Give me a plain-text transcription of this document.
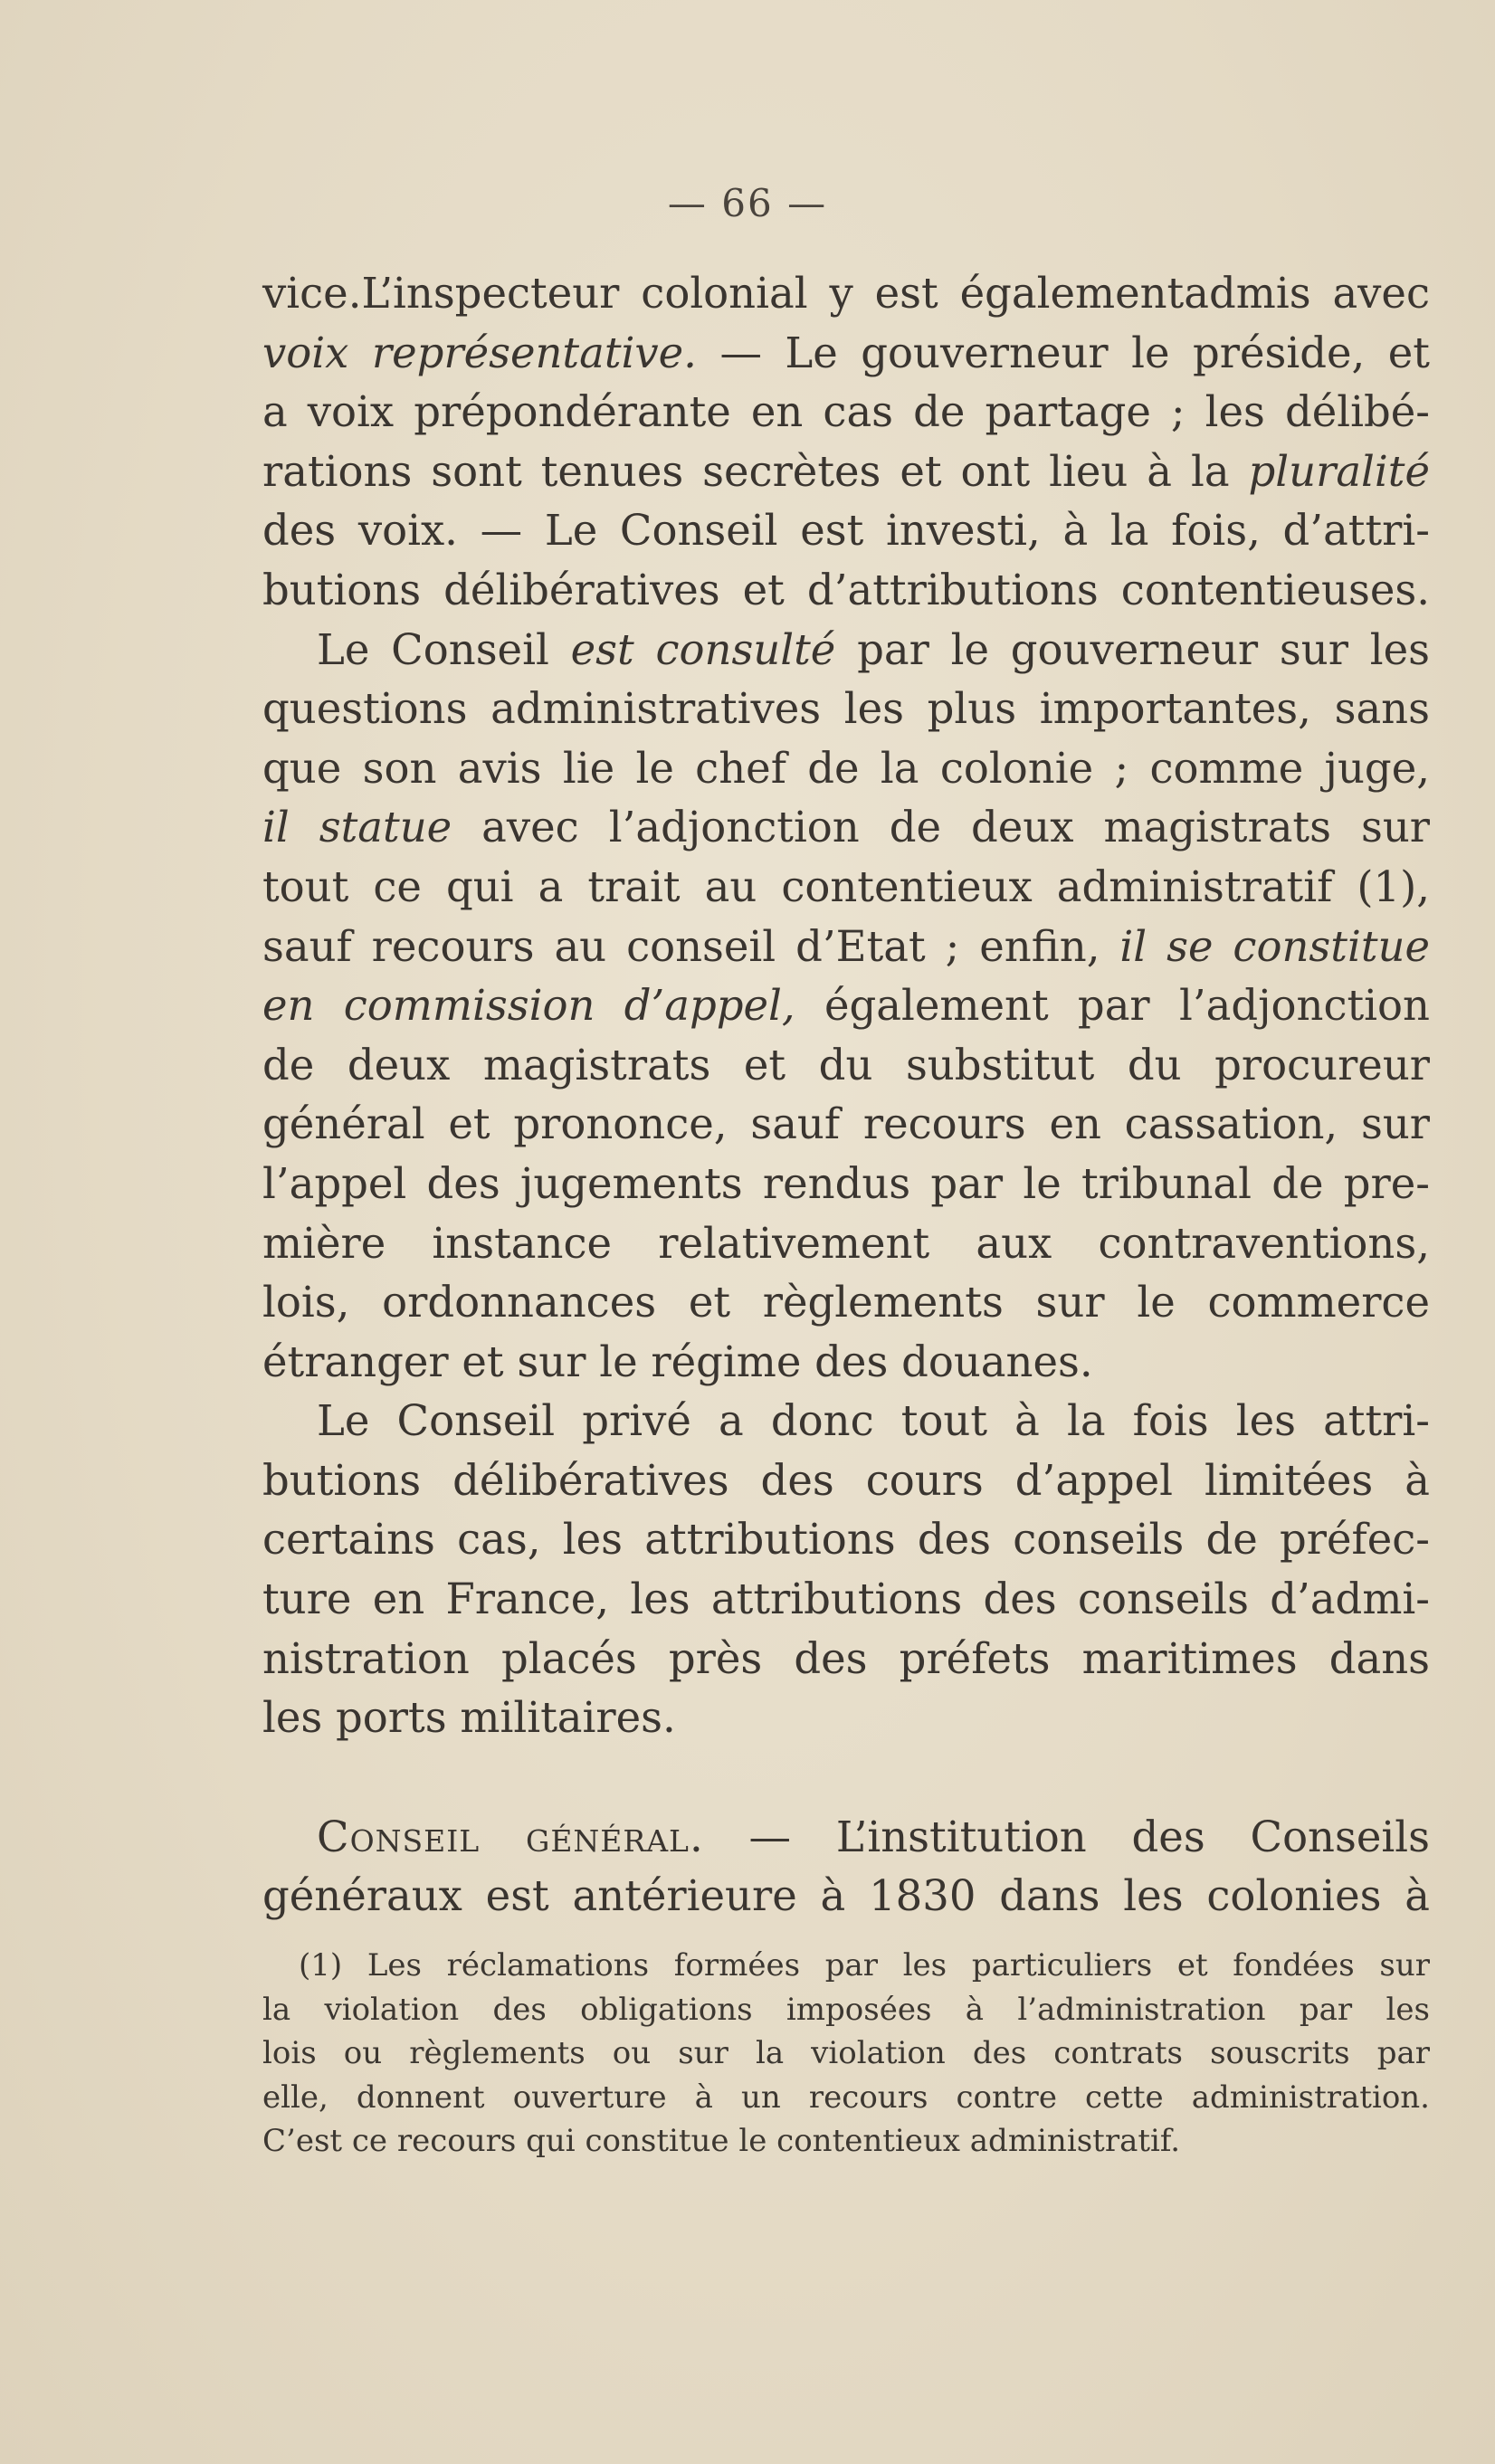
— 66 —
vice.L’inspecteur colonial y est égalementadmis avec
voix représentative. — Le gouverneur le préside, et
a voix prépondérante en cas de partage ; les délibé-
rations sont tenues secrètes et ont lieu à la pluralité
des voix. — Le Conseil est investi, à la fois, d’attri-
butions délibératives et d’attributions contentieuses.
Le Conseil est consulté par le gouverneur sur les
questions administratives les plus importantes, sans
que son avis lie le chef de la colonie ; comme juge,
il statue avec l’adjonction de deux magistrats sur
tout ce qui a trait au contentieux administratif (1),
sauf recours au conseil d’Etat ; enfin, il se constitue
en commission d’appel, également par l’adjonction
de deux magistrats et du substitut du procureur
général et prononce, sauf recours en cassation, sur
l’appel des jugements rendus par le tribunal de pre-
mière instance relativement aux contraventions,
lois, ordonnances et règlements sur le commerce
étranger et sur le régime des douanes.
Le Conseil privé a donc tout à la fois les attri-
butions délibératives des cours d’appel limitées à
certains cas, les attributions des conseils de préfec-
ture en France, les attributions des conseils d’admi-
nistration placés près des préfets maritimes dans
les ports militaires.
Conseil général. — L’institution des Conseils
généraux est antérieure à 1830 dans les colonies à
(1) Les réclamations formées par les particuliers et fondées sur
la violation des obligations imposées à l’administration par les
lois ou règlements ou sur la violation des contrats souscrits par
elle, donnent ouverture à un recours contre cette administration.
C’est ce recours qui constitue le contentieux administratif.
